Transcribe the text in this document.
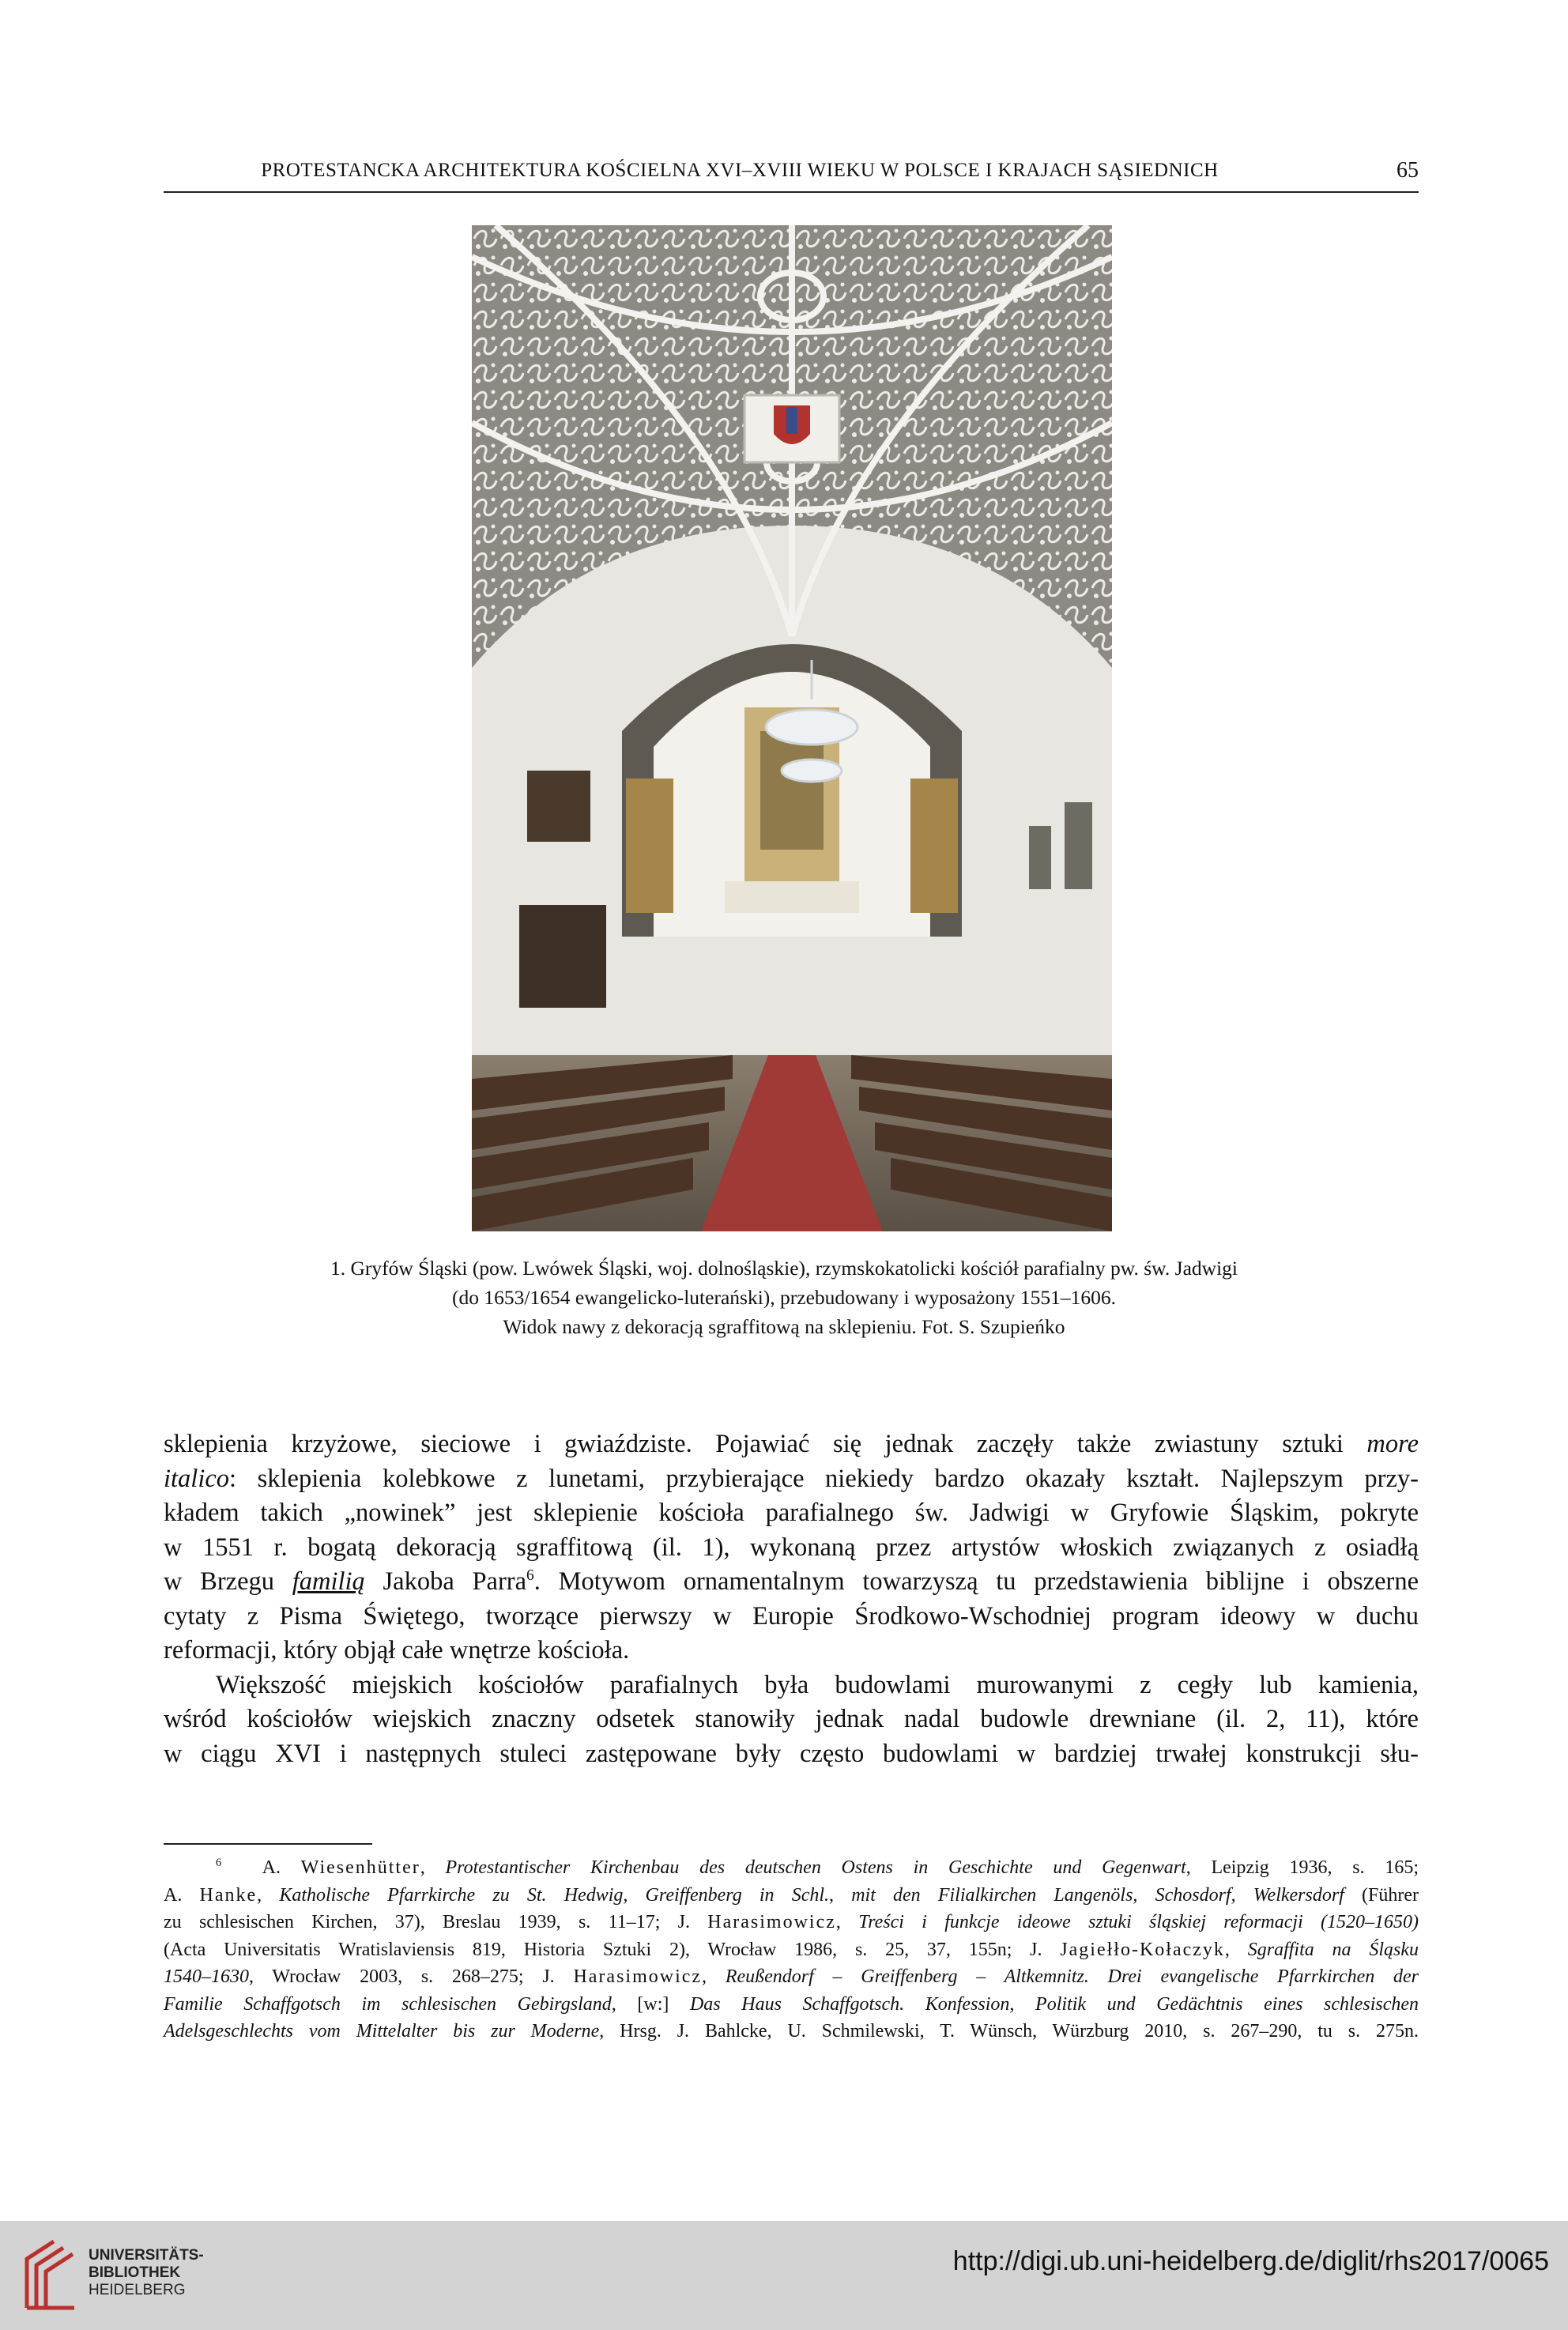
PROTESTANCKA ARCHITEKTURA KOŚCIELNA XVI–XVIII WIEKU W POLSCE I KRAJACH SĄSIEDNICH	65
1. Gryfów Śląski (pow. Lwówek Śląski, woj. dolnośląskie), rzymskokatolicki kościół parafialny pw. św. Jadwigi
(do 1653/1654 ewangelicko-luterański), przebudowany i wyposażony 1551–1606.
Widok nawy z dekoracją sgraffitową na sklepieniu. Fot. S. Szupieńko
sklepienia krzyżowe, sieciowe i gwiaździste. Pojawiać się jednak zaczęły także zwiastuny sztuki more
italico: sklepienia kolebkowe z lunetami, przybierające niekiedy bardzo okazały kształt. Najlepszym przy-
kładem takich „nowinek” jest sklepienie kościoła parafialnego św. Jadwigi w Gryfowie Śląskim, pokryte
w 1551 r. bogatą dekoracją sgraffitową (il. 1), wykonaną przez artystów włoskich związanych z osiadłą
w Brzegu familią Jakoba Parra$^6$. Motywom ornamentalnym towarzyszą tu przedstawienia biblijne i obszerne
cytaty z Pisma Świętego, tworzące pierwszy w Europie Środkowo-Wschodniej program ideowy w duchu
reformacji, który objął całe wnętrze kościoła.
Większość miejskich kościołów parafialnych była budowlami murowanymi z cegły lub kamienia,
wśród kościołów wiejskich znaczny odsetek stanowiły jednak nadal budowle drewniane (il. 2, 11), które
w ciągu XVI i następnych stuleci zastępowane były często budowlami w bardziej trwałej konstrukcji słu-
$^6$ A. Wiesenhütter, Protestantischer Kirchenbau des deutschen Ostens in Geschichte und Gegenwart, Leipzig 1936, s. 165;
A. Hanke, Katholische Pfarrkirche zu St. Hedwig, Greiffenberg in Schl., mit den Filialkirchen Langenöls, Schosdorf, Welkersdorf (Führer
zu schlesischen Kirchen, 37), Breslau 1939, s. 11–17; J. Harasimowicz, Treści i funkcje ideowe sztuki śląskiej reformacji (1520–1650)
(Acta Universitatis Wratislaviensis 819, Historia Sztuki 2), Wrocław 1986, s. 25, 37, 155n; J. Jagiełło-Kołaczyk, Sgraffita na Śląsku
1540–1630, Wrocław 2003, s. 268–275; J. Harasimowicz, Reußendorf – Greiffenberg – Altkemnitz. Drei evangelische Pfarrkirchen der
Familie Schaffgotsch im schlesischen Gebirgsland, [w:] Das Haus Schaffgotsch. Konfession, Politik und Gedächtnis eines schlesischen
Adelsgeschlechts vom Mittelalter bis zur Moderne, Hrsg. J. Bahlcke, U. Schmilewski, T. Wünsch, Würzburg 2010, s. 267–290, tu s. 275n.
UNIVERSITÄTS-
BIBLIOTHEK
HEIDELBERG
http://digi.ub.uni-heidelberg.de/diglit/rhs2017/0065
